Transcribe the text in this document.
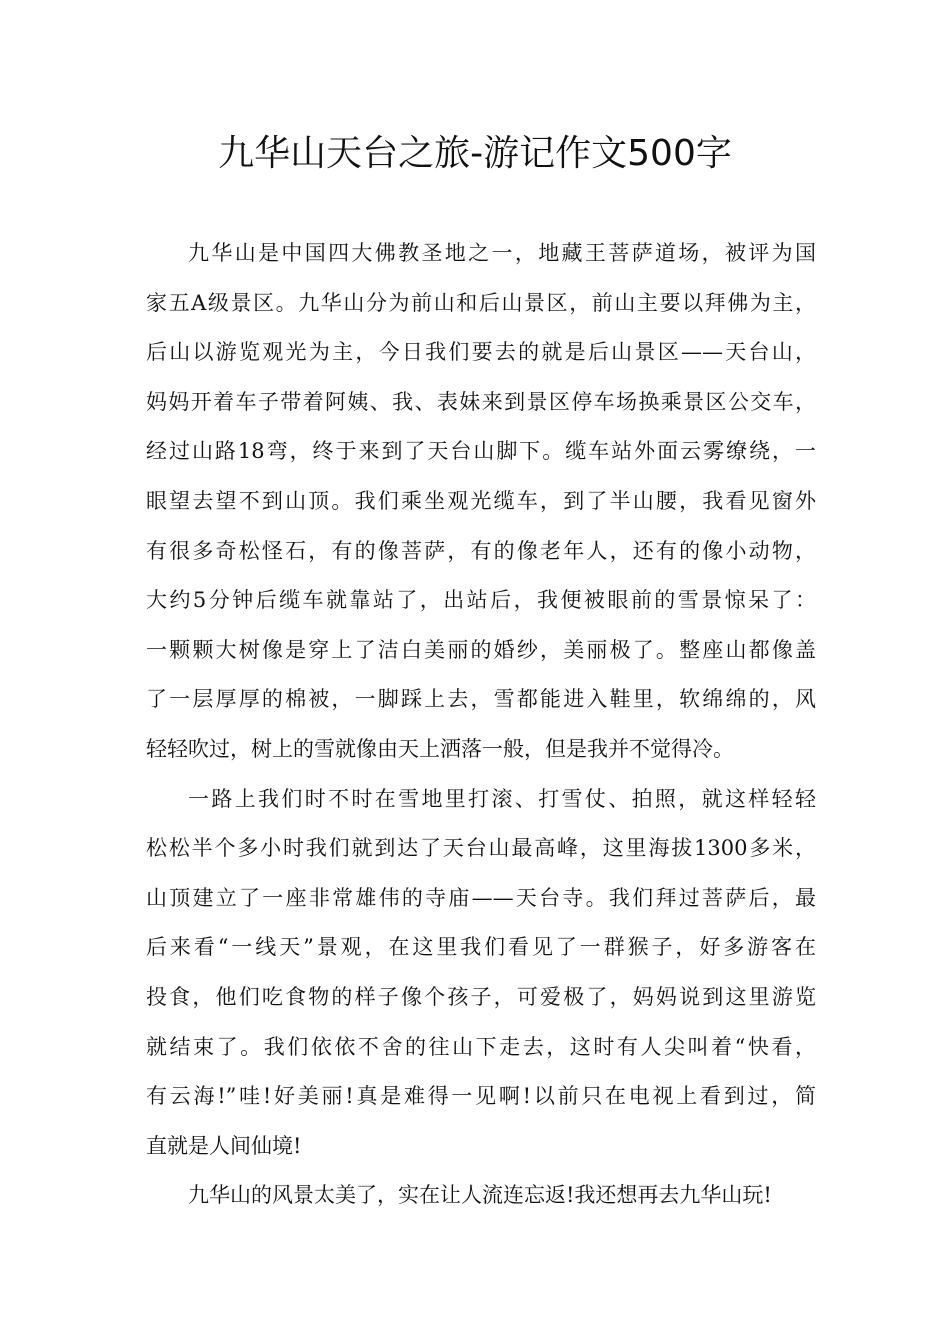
九华山天台之旅-游记作文500字
九华山是中国四大佛教圣地之一，地藏王菩萨道场，被评为国
家五A级景区。九华山分为前山和后山景区，前山主要以拜佛为主，
后山以游览观光为主，今日我们要去的就是后山景区——天台山，
妈妈开着车子带着阿姨、我、表妹来到景区停车场换乘景区公交车，
经过山路18弯，终于来到了天台山脚下。缆车站外面云雾缭绕，一
眼望去望不到山顶。我们乘坐观光缆车，到了半山腰，我看见窗外
有很多奇松怪石，有的像菩萨，有的像老年人，还有的像小动物，
大约5分钟后缆车就靠站了，出站后，我便被眼前的雪景惊呆了：
一颗颗大树像是穿上了洁白美丽的婚纱，美丽极了。整座山都像盖
了一层厚厚的棉被，一脚踩上去，雪都能进入鞋里，软绵绵的，风
轻轻吹过，树上的雪就像由天上洒落一般，但是我并不觉得冷。
一路上我们时不时在雪地里打滚、打雪仗、拍照，就这样轻轻
松松半个多小时我们就到达了天台山最高峰，这里海拔1300多米，
山顶建立了一座非常雄伟的寺庙——天台寺。我们拜过菩萨后，最
后来看“一线天”景观，在这里我们看见了一群猴子，好多游客在
投食，他们吃食物的样子像个孩子，可爱极了，妈妈说到这里游览
就结束了。我们依依不舍的往山下走去，这时有人尖叫着“快看，
有云海!”哇!好美丽!真是难得一见啊!以前只在电视上看到过，简
直就是人间仙境!
九华山的风景太美了，实在让人流连忘返!我还想再去九华山玩!
